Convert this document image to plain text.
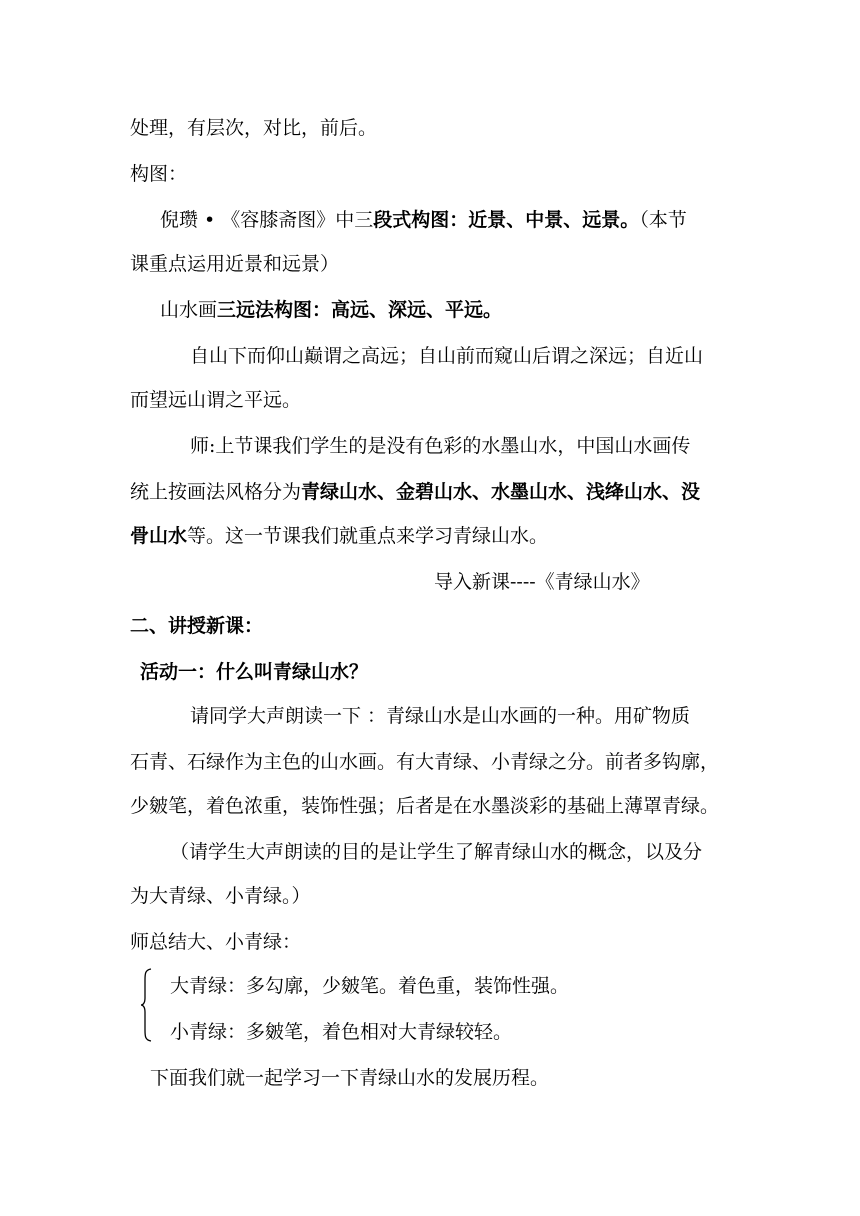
处理，有层次，对比，前后。
构图：
倪瓒 • 《容膝斋图》中三段式构图：近景、中景、远景。（本节
课重点运用近景和远景）
山水画三远法构图：高远、深远、平远。
自山下而仰山巅谓之高远；自山前而窥山后谓之深远；自近山
而望远山谓之平远。
师:上节课我们学生的是没有色彩的水墨山水，中国山水画传
统上按画法风格分为青绿山水、金碧山水、水墨山水、浅绛山水、没
骨山水等。这一节课我们就重点来学习青绿山水。
导入新课----《青绿山水》
二、讲授新课：
活动一：什么叫青绿山水？
请同学大声朗读一下 ：青绿山水是山水画的一种。用矿物质
石青、石绿作为主色的山水画。有大青绿、小青绿之分。前者多钩廓，
少皴笔，着色浓重，装饰性强；后者是在水墨淡彩的基础上薄罩青绿。
（请学生大声朗读的目的是让学生了解青绿山水的概念，以及分
为大青绿、小青绿。）
师总结大、小青绿：
大青绿：多勾廓，少皴笔。着色重，装饰性强。
小青绿：多皴笔，着色相对大青绿较轻。
下面我们就一起学习一下青绿山水的发展历程。
